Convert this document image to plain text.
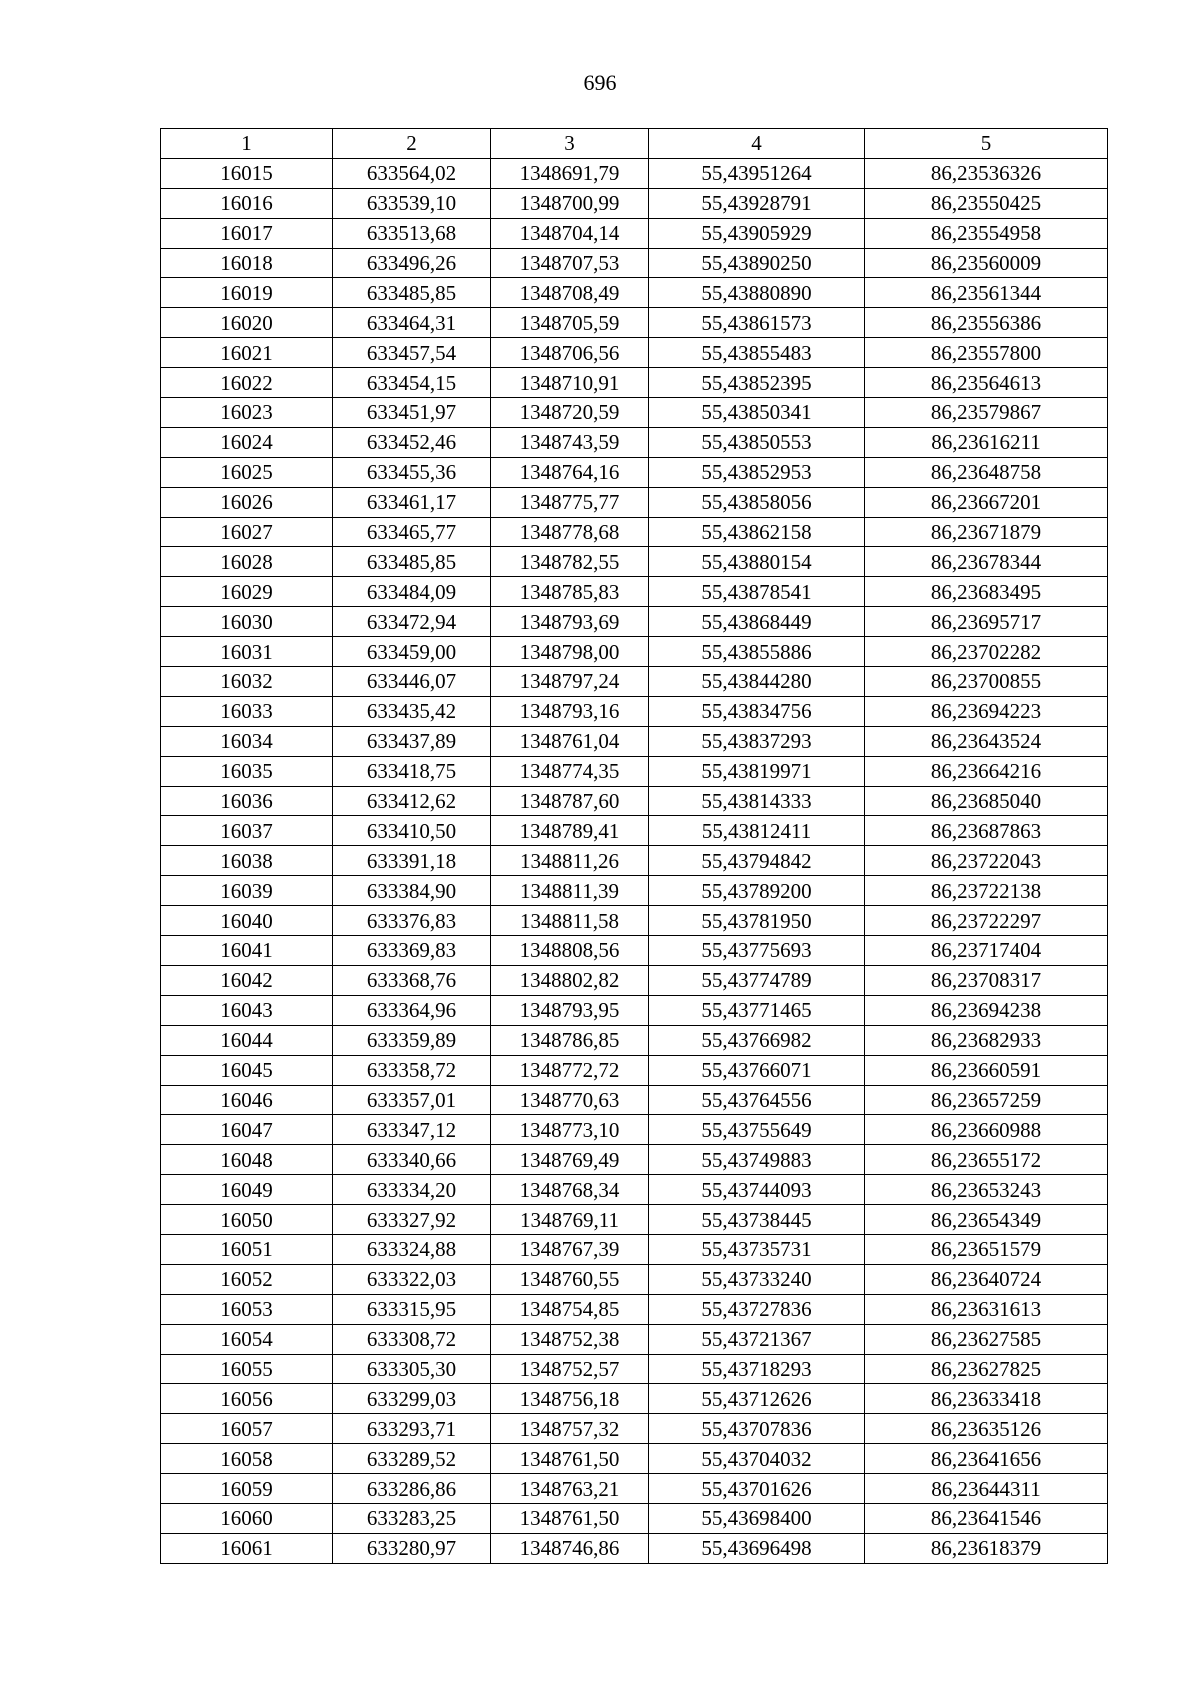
696
1	2	3	4	5
16015	633564,02	1348691,79	55,43951264	86,23536326
16016	633539,10	1348700,99	55,43928791	86,23550425
16017	633513,68	1348704,14	55,43905929	86,23554958
16018	633496,26	1348707,53	55,43890250	86,23560009
16019	633485,85	1348708,49	55,43880890	86,23561344
16020	633464,31	1348705,59	55,43861573	86,23556386
16021	633457,54	1348706,56	55,43855483	86,23557800
16022	633454,15	1348710,91	55,43852395	86,23564613
16023	633451,97	1348720,59	55,43850341	86,23579867
16024	633452,46	1348743,59	55,43850553	86,23616211
16025	633455,36	1348764,16	55,43852953	86,23648758
16026	633461,17	1348775,77	55,43858056	86,23667201
16027	633465,77	1348778,68	55,43862158	86,23671879
16028	633485,85	1348782,55	55,43880154	86,23678344
16029	633484,09	1348785,83	55,43878541	86,23683495
16030	633472,94	1348793,69	55,43868449	86,23695717
16031	633459,00	1348798,00	55,43855886	86,23702282
16032	633446,07	1348797,24	55,43844280	86,23700855
16033	633435,42	1348793,16	55,43834756	86,23694223
16034	633437,89	1348761,04	55,43837293	86,23643524
16035	633418,75	1348774,35	55,43819971	86,23664216
16036	633412,62	1348787,60	55,43814333	86,23685040
16037	633410,50	1348789,41	55,43812411	86,23687863
16038	633391,18	1348811,26	55,43794842	86,23722043
16039	633384,90	1348811,39	55,43789200	86,23722138
16040	633376,83	1348811,58	55,43781950	86,23722297
16041	633369,83	1348808,56	55,43775693	86,23717404
16042	633368,76	1348802,82	55,43774789	86,23708317
16043	633364,96	1348793,95	55,43771465	86,23694238
16044	633359,89	1348786,85	55,43766982	86,23682933
16045	633358,72	1348772,72	55,43766071	86,23660591
16046	633357,01	1348770,63	55,43764556	86,23657259
16047	633347,12	1348773,10	55,43755649	86,23660988
16048	633340,66	1348769,49	55,43749883	86,23655172
16049	633334,20	1348768,34	55,43744093	86,23653243
16050	633327,92	1348769,11	55,43738445	86,23654349
16051	633324,88	1348767,39	55,43735731	86,23651579
16052	633322,03	1348760,55	55,43733240	86,23640724
16053	633315,95	1348754,85	55,43727836	86,23631613
16054	633308,72	1348752,38	55,43721367	86,23627585
16055	633305,30	1348752,57	55,43718293	86,23627825
16056	633299,03	1348756,18	55,43712626	86,23633418
16057	633293,71	1348757,32	55,43707836	86,23635126
16058	633289,52	1348761,50	55,43704032	86,23641656
16059	633286,86	1348763,21	55,43701626	86,23644311
16060	633283,25	1348761,50	55,43698400	86,23641546
16061	633280,97	1348746,86	55,43696498	86,23618379
